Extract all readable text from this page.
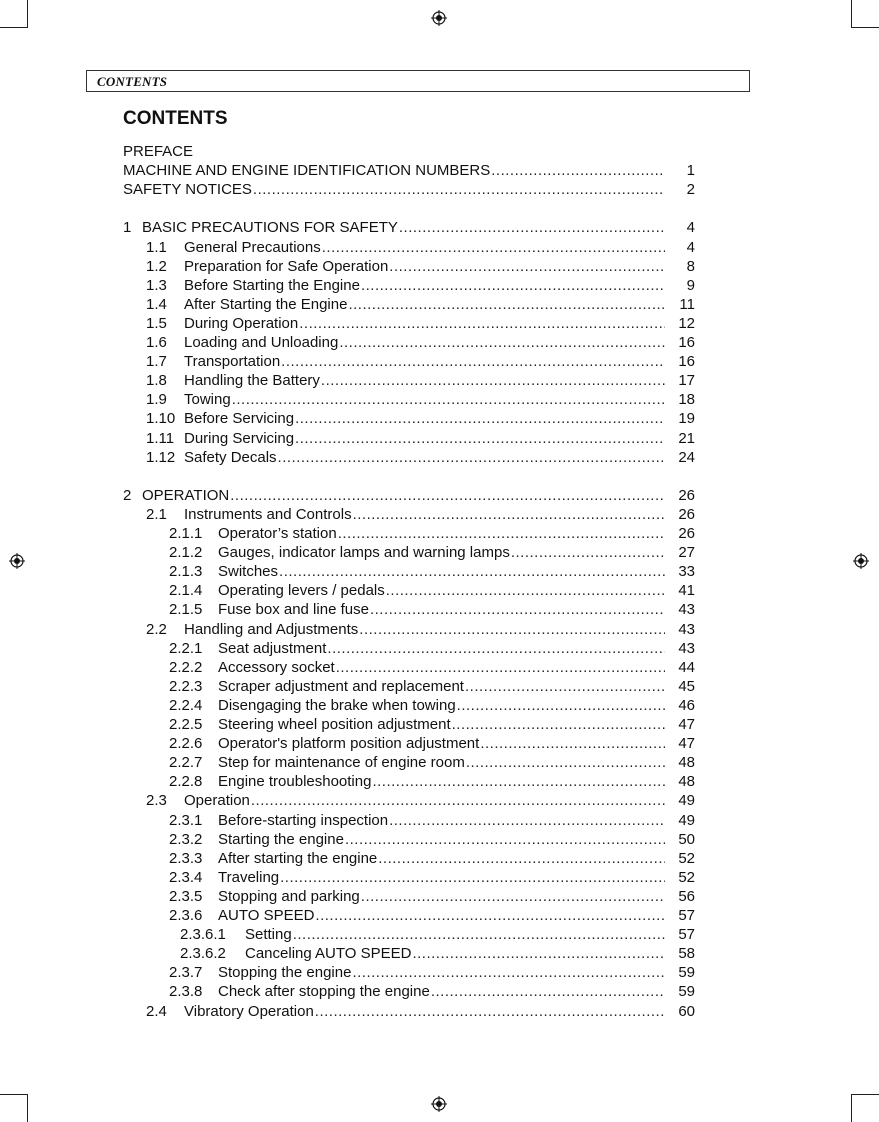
CONTENTS
CONTENTS
PREFACE
MACHINE AND ENGINE IDENTIFICATION NUMBERS .....	1
SAFETY NOTICES .....	2
1 BASIC PRECAUTIONS FOR SAFETY .....	4
1.1	General Precautions .....	4
1.2	Preparation for Safe Operation .....	8
1.3	Before Starting the Engine .....	9
1.4	After Starting the Engine .....	11
1.5	During Operation .....	12
1.6	Loading and Unloading .....	16
1.7	Transportation .....	16
1.8	Handling the Battery .....	17
1.9	Towing .....	18
1.10 Before Servicing .....	19
1.11 During Servicing .....	21
1.12 Safety Decals .....	24
2 OPERATION .....	26
2.1	Instruments and Controls .....	26
2.1.1	Operator’s station .....	26
2.1.2	Gauges, indicator lamps and warning lamps .....	27
2.1.3	Switches .....	33
2.1.4	Operating levers / pedals .....	41
2.1.5	Fuse box and line fuse .....	43
2.2	Handling and Adjustments .....	43
2.2.1	Seat adjustment .....	43
2.2.2	Accessory socket .....	44
2.2.3	Scraper adjustment and replacement .....	45
2.2.4	Disengaging the brake when towing .....	46
2.2.5	Steering wheel position adjustment .....	47
2.2.6	Operator's platform position adjustment .....	47
2.2.7	Step for maintenance of engine room .....	48
2.2.8	Engine troubleshooting .....	48
2.3	Operation .....	49
2.3.1	Before-starting inspection .....	49
2.3.2	Starting the engine .....	50
2.3.3	After starting the engine .....	52
2.3.4	Traveling .....	52
2.3.5	Stopping and parking .....	56
2.3.6	AUTO SPEED .....	57
2.3.6.1	Setting .....	57
2.3.6.2	Canceling AUTO SPEED .....	58
2.3.7	Stopping the engine .....	59
2.3.8	Check after stopping the engine .....	59
2.4	Vibratory Operation .....	60
